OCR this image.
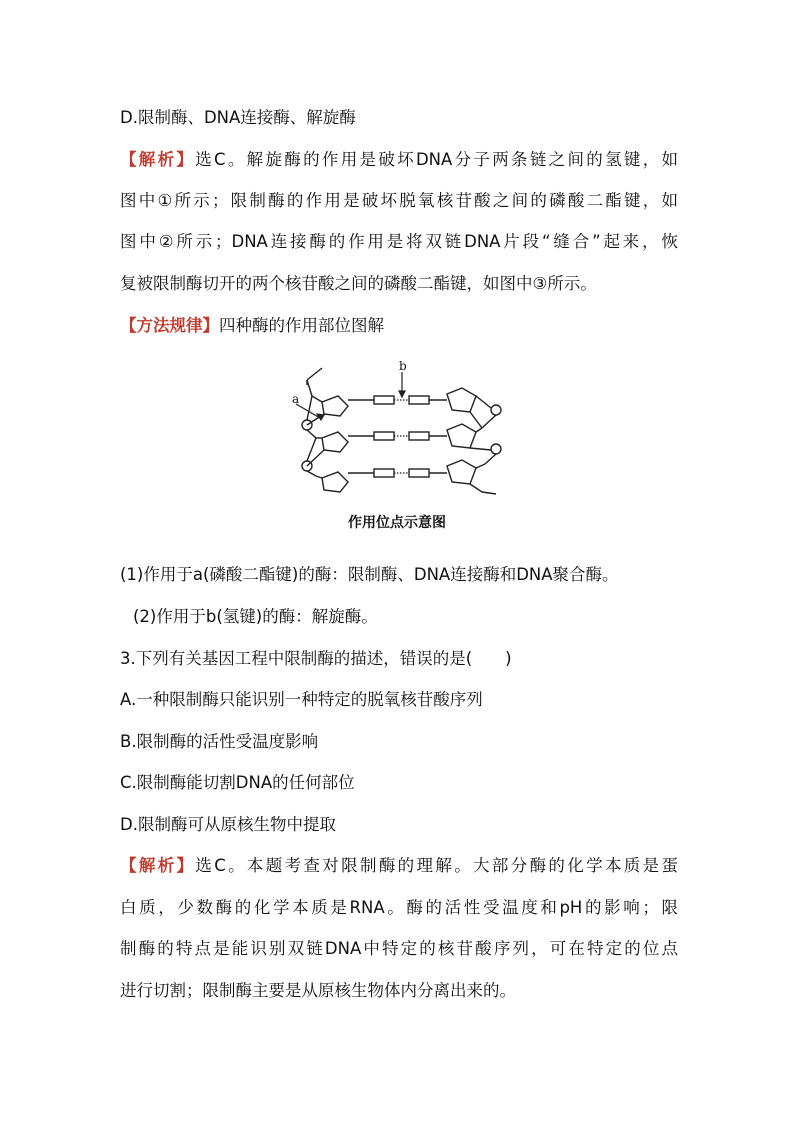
D.限制酶、DNA连接酶、解旋酶
【解析】选C。解旋酶的作用是破坏DNA分子两条链之间的氢键，如
图中①所示；限制酶的作用是破坏脱氧核苷酸之间的磷酸二酯键，如
图中②所示；DNA连接酶的作用是将双链DNA片段“缝合”起来，恢
复被限制酶切开的两个核苷酸之间的磷酸二酯键，如图中③所示。
【方法规律】四种酶的作用部位图解
b
a
作用位点示意图
(1)作用于a(磷酸二酯键)的酶：限制酶、DNA连接酶和DNA聚合酶。
(2)作用于b(氢键)的酶：解旋酶。
3.下列有关基因工程中限制酶的描述，错误的是(　　)
A.一种限制酶只能识别一种特定的脱氧核苷酸序列
B.限制酶的活性受温度影响
C.限制酶能切割DNA的任何部位
D.限制酶可从原核生物中提取
【解析】选C。本题考查对限制酶的理解。大部分酶的化学本质是蛋
白质，少数酶的化学本质是RNA。酶的活性受温度和pH的影响；限
制酶的特点是能识别双链DNA中特定的核苷酸序列，可在特定的位点
进行切割；限制酶主要是从原核生物体内分离出来的。
